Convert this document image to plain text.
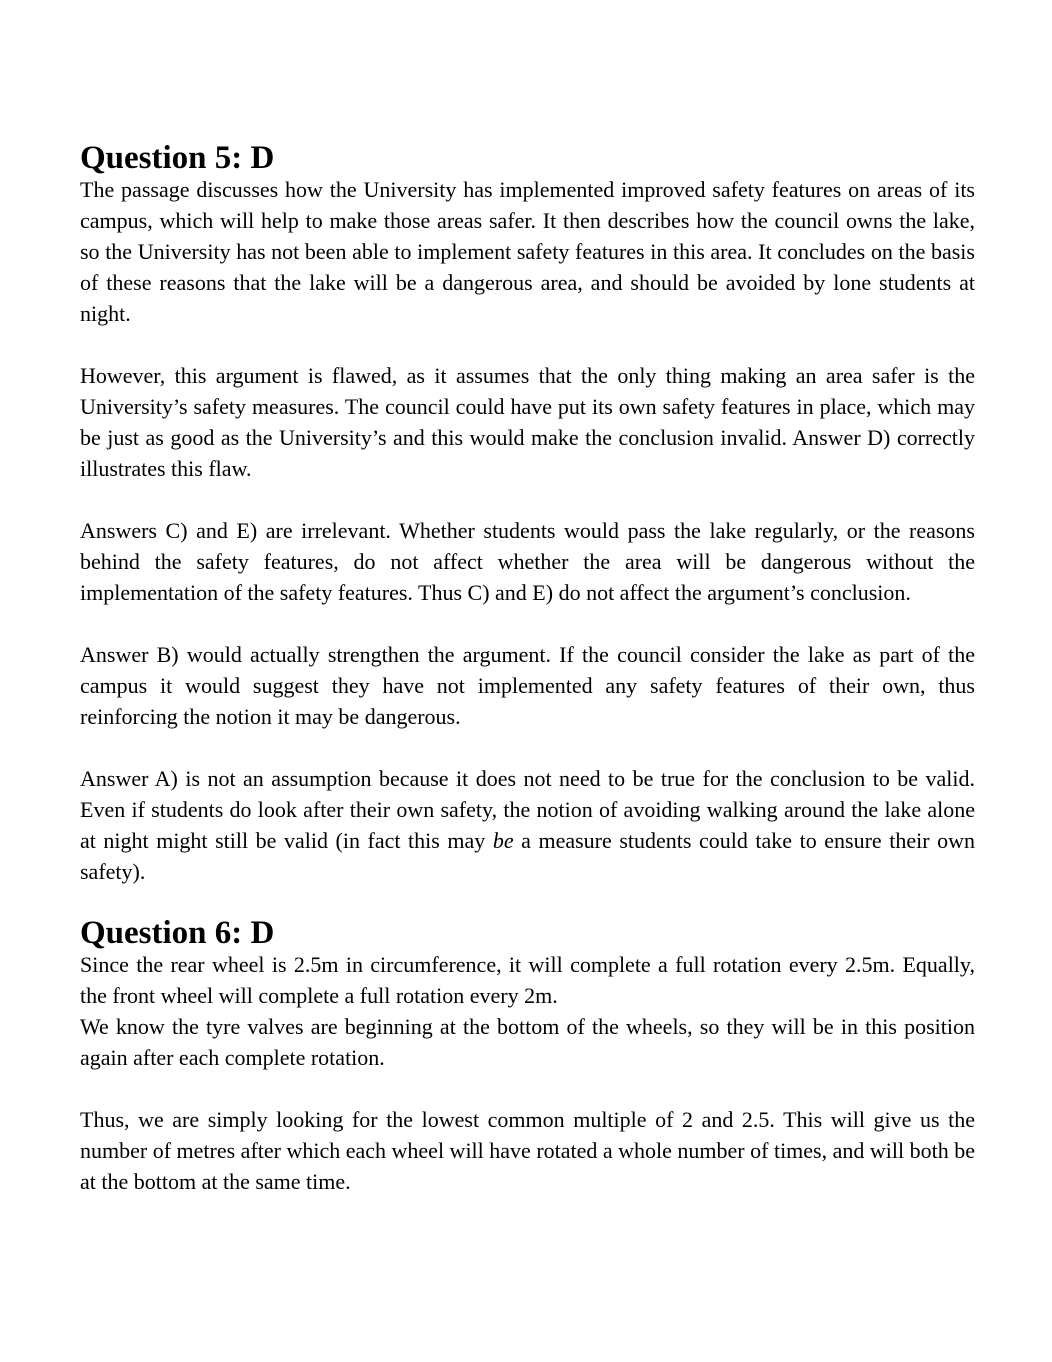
Question 5: D

The passage discusses how the University has implemented improved safety features on areas of its campus, which will help to make those areas safer. It then describes how the council owns the lake, so the University has not been able to implement safety features in this area. It concludes on the basis of these reasons that the lake will be a dangerous area, and should be avoided by lone students at night.

However, this argument is flawed, as it assumes that the only thing making an area safer is the University’s safety measures. The council could have put its own safety features in place, which may be just as good as the University’s and this would make the conclusion invalid. Answer D) correctly illustrates this flaw.

Answers C) and E) are irrelevant. Whether students would pass the lake regularly, or the reasons behind the safety features, do not affect whether the area will be dangerous without the implementation of the safety features. Thus C) and E) do not affect the argument’s conclusion.

Answer B) would actually strengthen the argument. If the council consider the lake as part of the campus it would suggest they have not implemented any safety features of their own, thus reinforcing the notion it may be dangerous.

Answer A) is not an assumption because it does not need to be true for the conclusion to be valid. Even if students do look after their own safety, the notion of avoiding walking around the lake alone at night might still be valid (in fact this may be a measure students could take to ensure their own safety).

Question 6: D

Since the rear wheel is 2.5m in circumference, it will complete a full rotation every 2.5m. Equally, the front wheel will complete a full rotation every 2m.

We know the tyre valves are beginning at the bottom of the wheels, so they will be in this position again after each complete rotation.

Thus, we are simply looking for the lowest common multiple of 2 and 2.5. This will give us the number of metres after which each wheel will have rotated a whole number of times, and will both be at the bottom at the same time.
